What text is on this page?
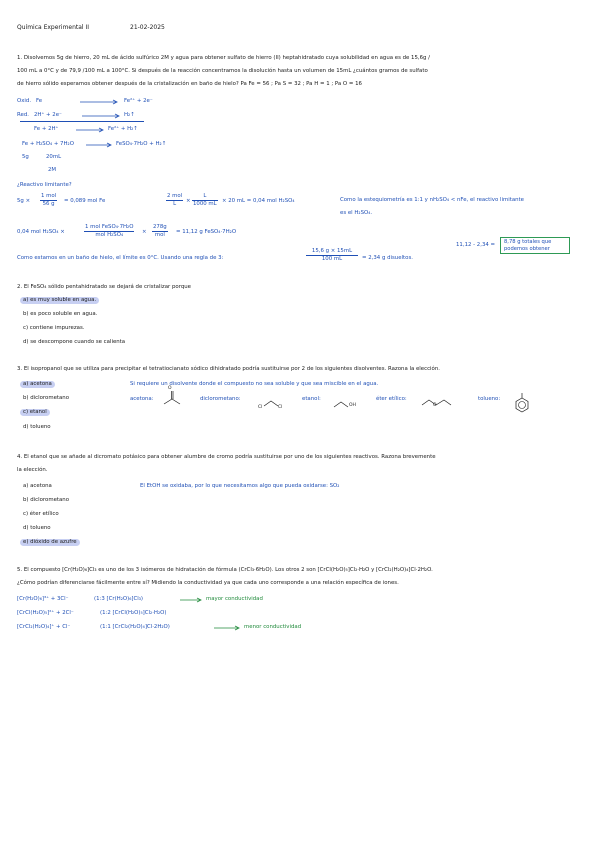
Química Experimental II	21-02-2025
1. Disolvemos 5g de hierro, 20 mL de ácido sulfúrico 2M y agua para obtener sulfato de hierro (II) heptahidratado cuya solubilidad en agua es de 15,6g /
100 mL a 0°C y de 79,9 /100 mL a 100°C. Si después de la reacción concentramos la disolución hasta un volumen de 15mL ¿cuántos gramos de sulfato
de hierro sólido esperamos obtener después de la cristalización en baño de hielo? Pa Fe = 56 ; Pa S = 32 ; Pa H = 1 ; Pa O = 16
Oxid. Fe	Fe²⁺ + 2e⁻
Red. 2H⁺ + 2e⁻	H₂↑
Fe + 2H⁺	Fe²⁺ + H₂↑
Fe + H₂SO₄ + 7H₂O	FeSO₄·7H₂O + H₂↑
5g	20mL
2M
¿Reactivo limitante?
5g ×
1 mol
56 g	= 0,089 mol Fe
2 mol
L	× $\frac{L}{1000 mL} \times 20$ mL = 0,04 mol H₂SO₄	Como la estequiometría es 1:1 y nH₂SO₄ < nFe, el reactivo limitante
es el H₂SO₄.
0,04 mol H₂SO₄ ×
1 mol FeSO₄·7H₂O
mol H₂SO₄	×
278g
mol	= 11,12 g FeSO₄·7H₂O
11,12 - 2,34 =	8,78 g totales que podemos obtener
Como estamos en un baño de hielo, el límite es 0°C. Usando una regla de 3:	$\frac{15,6 g \times 15mL}{100 mL} = 2,34$ g disueltos.
2. El FeSO₄ sólido pentahidratado se dejará de cristalizar porque
a) es muy soluble en agua.
b) es poco soluble en agua.
c) contiene impurezas.
d) se descompone cuando se calienta
3. El isopropanol que se utiliza para precipitar el tetratiocianato sódico dihidratado podría sustituirse por 2 de los siguientes disolventes. Razona la elección.
a) acetona
b) diclorometano
c) etanol
d) tolueno
Si requiere un disolvente donde el compuesto no sea soluble y que sea miscible en el agua.
acetona:
O
diclorometano:
Cl	Cl
etanol:
OH
éter etílico:
O
tolueno:
4. El etanol que se añade al dicromato potásico para obtener alumbre de cromo podría sustituirse por uno de los siguientes reactivos. Razona brevemente
la elección.
a) acetona
b) diclorometano
c) éter etílico
d) tolueno
e) dióxido de azufre
El EtOH se oxidaba, por lo que necesitamos algo que pueda oxidarse: SO₂
5. El compuesto [Cr(H₂O)₆]Cl₃ es uno de los 3 isómeros de hidratación de fórmula (CrCl₃·6H₂O). Los otros 2 son [CrCl(H₂O)₅]Cl₂·H₂O y [CrCl₂(H₂O)₄]Cl·2H₂O.
¿Cómo podrían diferenciarse fácilmente entre sí? Midiendo la conductividad ya que cada uno corresponde a una relación específica de iones.
[Cr(H₂O)₆]³⁺ + 3Cl⁻	(1:3 [Cr(H₂O)₆]Cl₃)	mayor conductividad
[CrCl(H₂O)₅]²⁺ + 2Cl⁻	(1:2 [CrCl(H₂O)₅]Cl₂·H₂O)
[CrCl₂(H₂O)₄]⁺ + Cl⁻	(1:1 [CrCl₂(H₂O)₄]Cl·2H₂O)	menor conductividad
